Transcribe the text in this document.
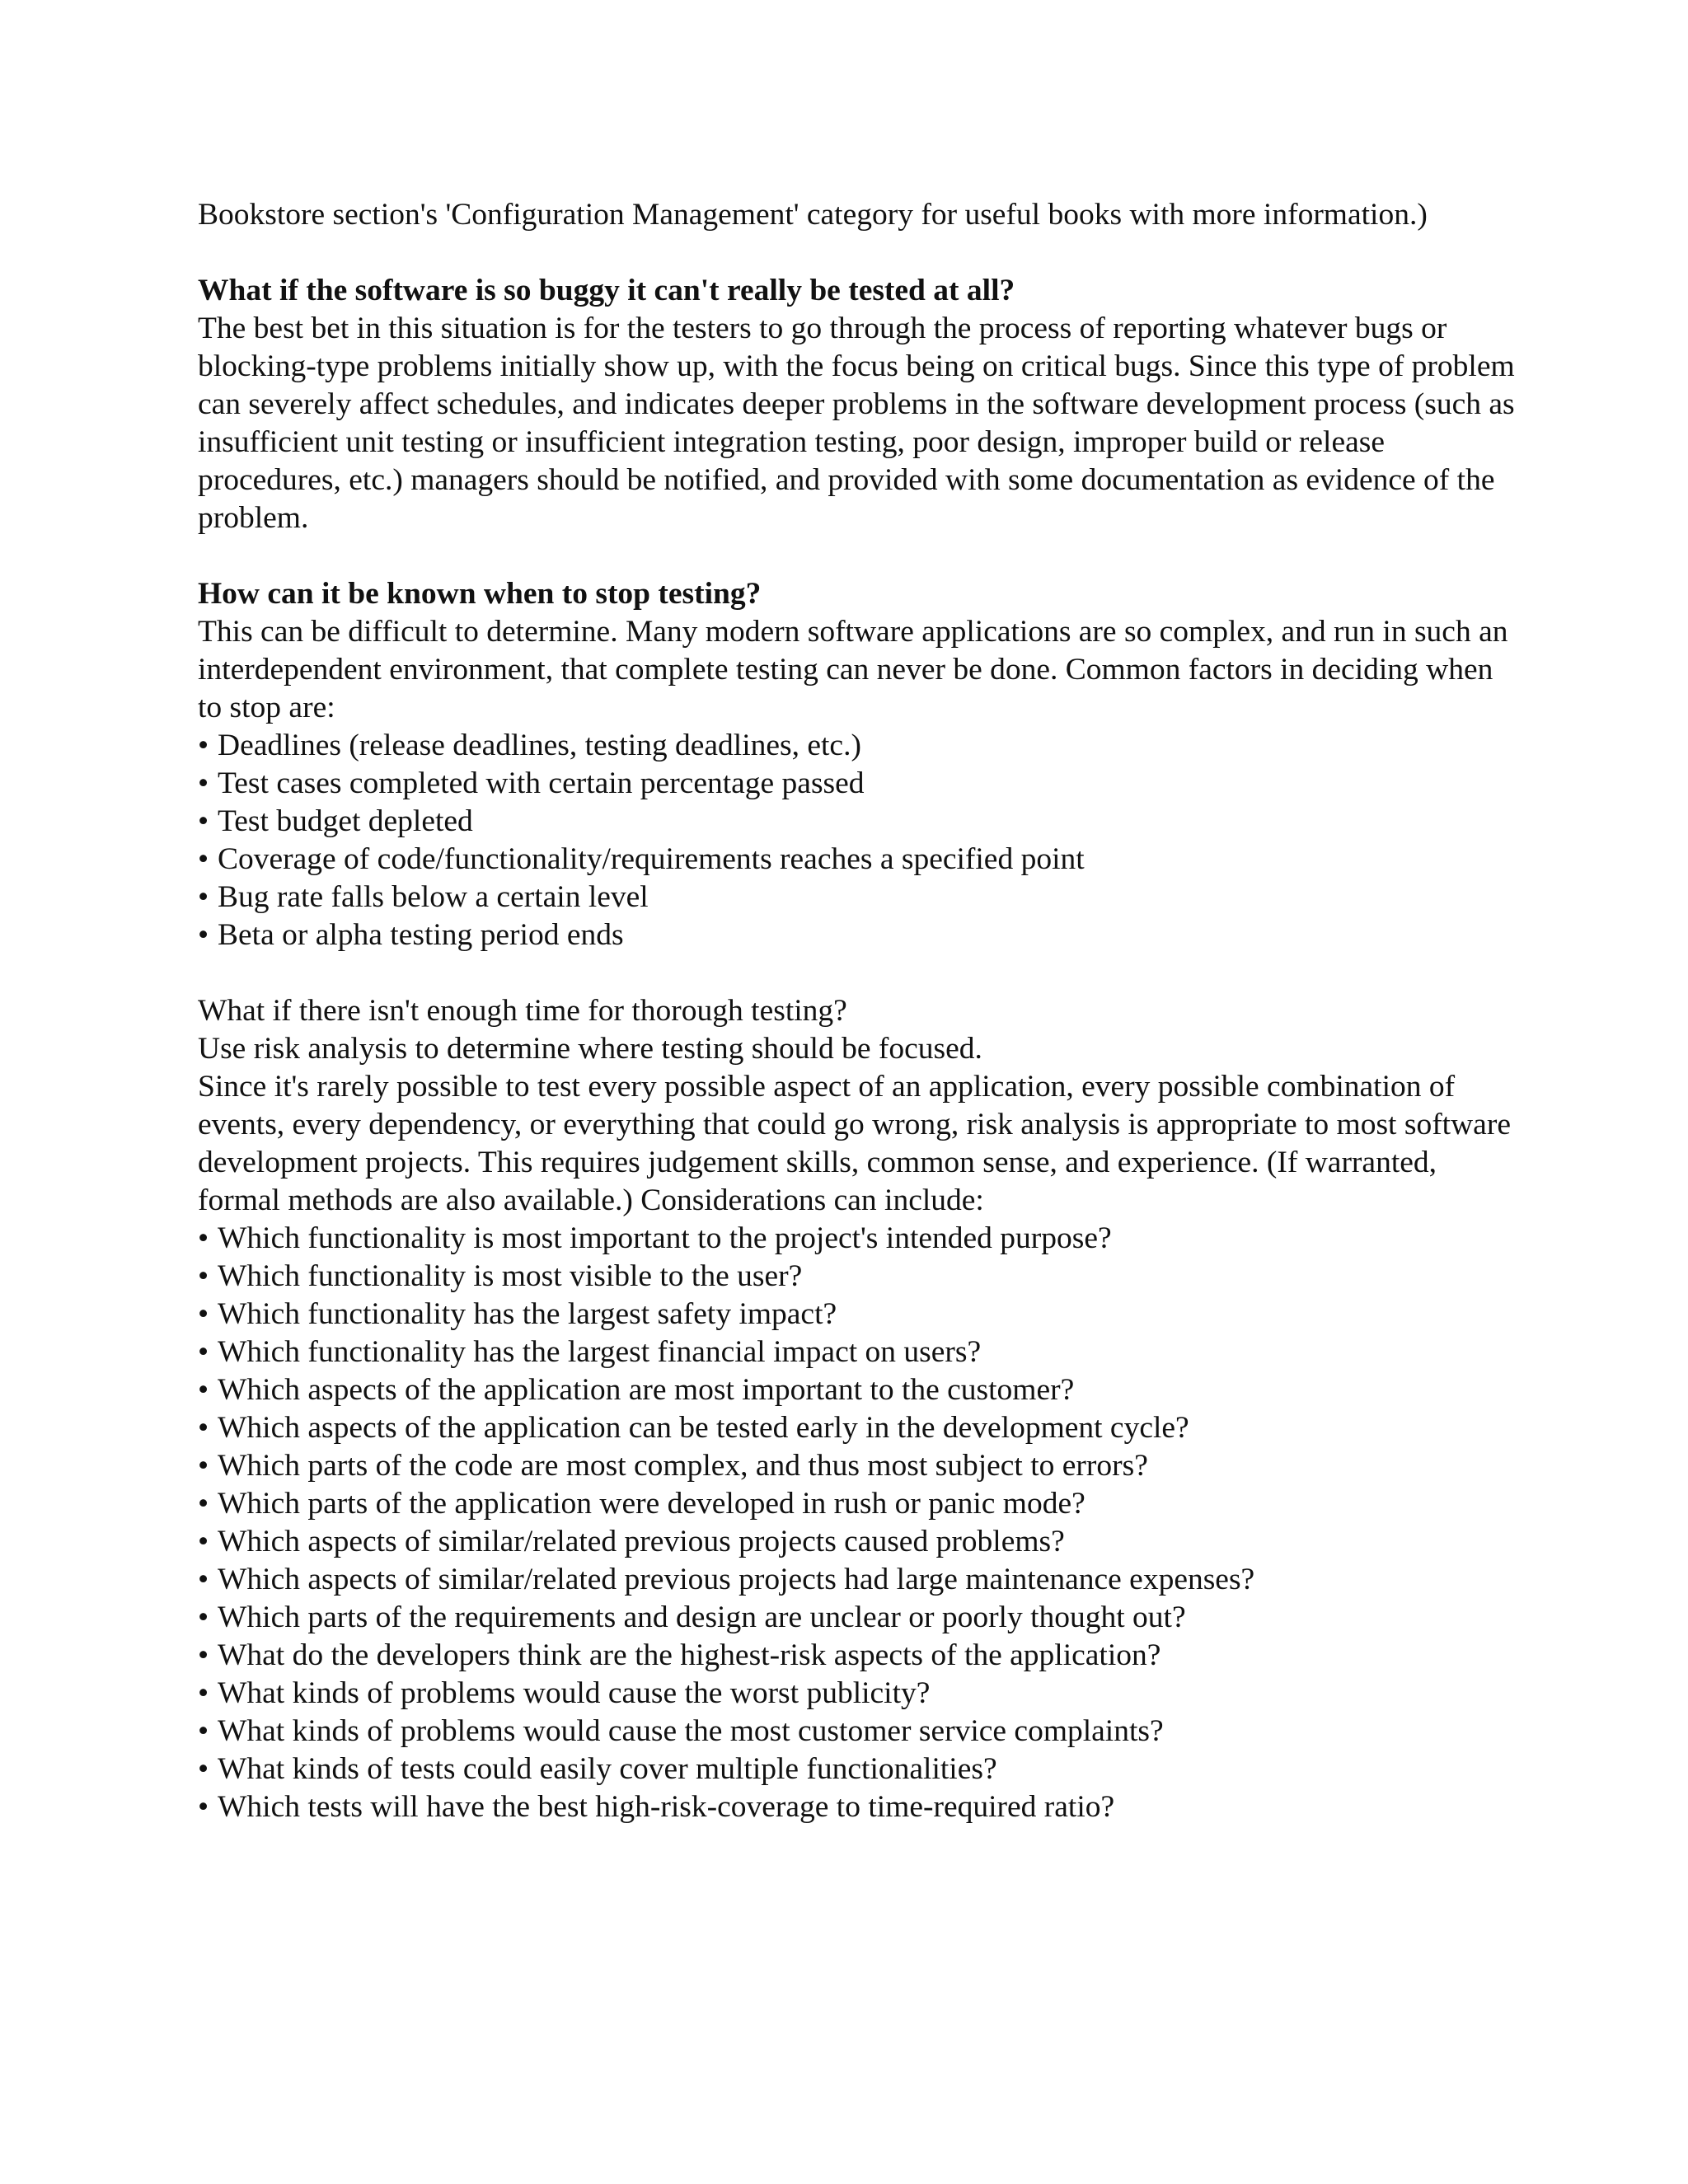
Bookstore section's 'Configuration Management' category for useful books with more information.)

What if the software is so buggy it can't really be tested at all?

The best bet in this situation is for the testers to go through the process of reporting whatever bugs or blocking-type problems initially show up, with the focus being on critical bugs. Since this type of problem can severely affect schedules, and indicates deeper problems in the software development process (such as insufficient unit testing or insufficient integration testing, poor design, improper build or release procedures, etc.) managers should be notified, and provided with some documentation as evidence of the problem.

How can it be known when to stop testing?

This can be difficult to determine. Many modern software applications are so complex, and run in such an interdependent environment, that complete testing can never be done. Common factors in deciding when to stop are:

• Deadlines (release deadlines, testing deadlines, etc.)
• Test cases completed with certain percentage passed
• Test budget depleted
• Coverage of code/functionality/requirements reaches a specified point
• Bug rate falls below a certain level
• Beta or alpha testing period ends

What if there isn't enough time for thorough testing?

Use risk analysis to determine where testing should be focused.

Since it's rarely possible to test every possible aspect of an application, every possible combination of events, every dependency, or everything that could go wrong, risk analysis is appropriate to most software development projects. This requires judgement skills, common sense, and experience. (If warranted, formal methods are also available.) Considerations can include:

• Which functionality is most important to the project's intended purpose?
• Which functionality is most visible to the user?
• Which functionality has the largest safety impact?
• Which functionality has the largest financial impact on users?
• Which aspects of the application are most important to the customer?
• Which aspects of the application can be tested early in the development cycle?
• Which parts of the code are most complex, and thus most subject to errors?
• Which parts of the application were developed in rush or panic mode?
• Which aspects of similar/related previous projects caused problems?
• Which aspects of similar/related previous projects had large maintenance expenses?
• Which parts of the requirements and design are unclear or poorly thought out?
• What do the developers think are the highest-risk aspects of the application?
• What kinds of problems would cause the worst publicity?
• What kinds of problems would cause the most customer service complaints?
• What kinds of tests could easily cover multiple functionalities?
• Which tests will have the best high-risk-coverage to time-required ratio?
